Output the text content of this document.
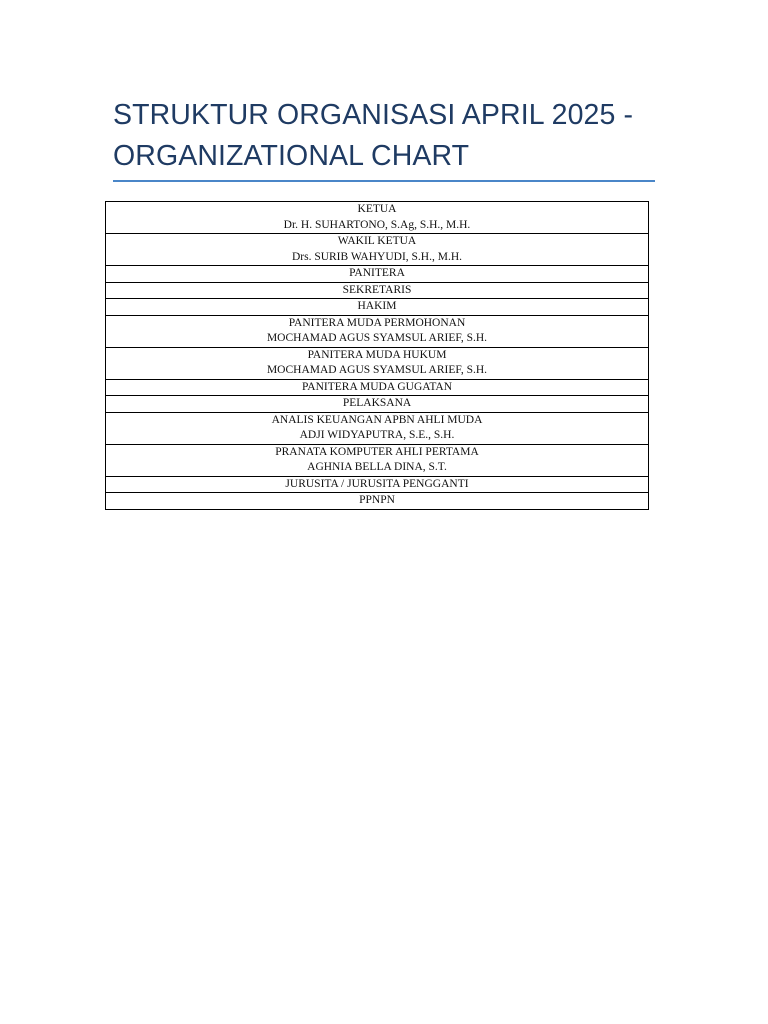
STRUKTUR ORGANISASI APRIL 2025 -
ORGANIZATIONAL CHART
KETUA
Dr. H. SUHARTONO, S.Ag, S.H., M.H.

WAKIL KETUA
Drs. SURIB WAHYUDI, S.H., M.H.

PANITERA

SEKRETARIS

HAKIM

PANITERA MUDA PERMOHONAN
MOCHAMAD AGUS SYAMSUL ARIEF, S.H.

PANITERA MUDA HUKUM
MOCHAMAD AGUS SYAMSUL ARIEF, S.H.

PANITERA MUDA GUGATAN

PELAKSANA

ANALIS KEUANGAN APBN AHLI MUDA
ADJI WIDYAPUTRA, S.E., S.H.

PRANATA KOMPUTER AHLI PERTAMA
AGHNIA BELLA DINA, S.T.

JURUSITA / JURUSITA PENGGANTI

PPNPN
